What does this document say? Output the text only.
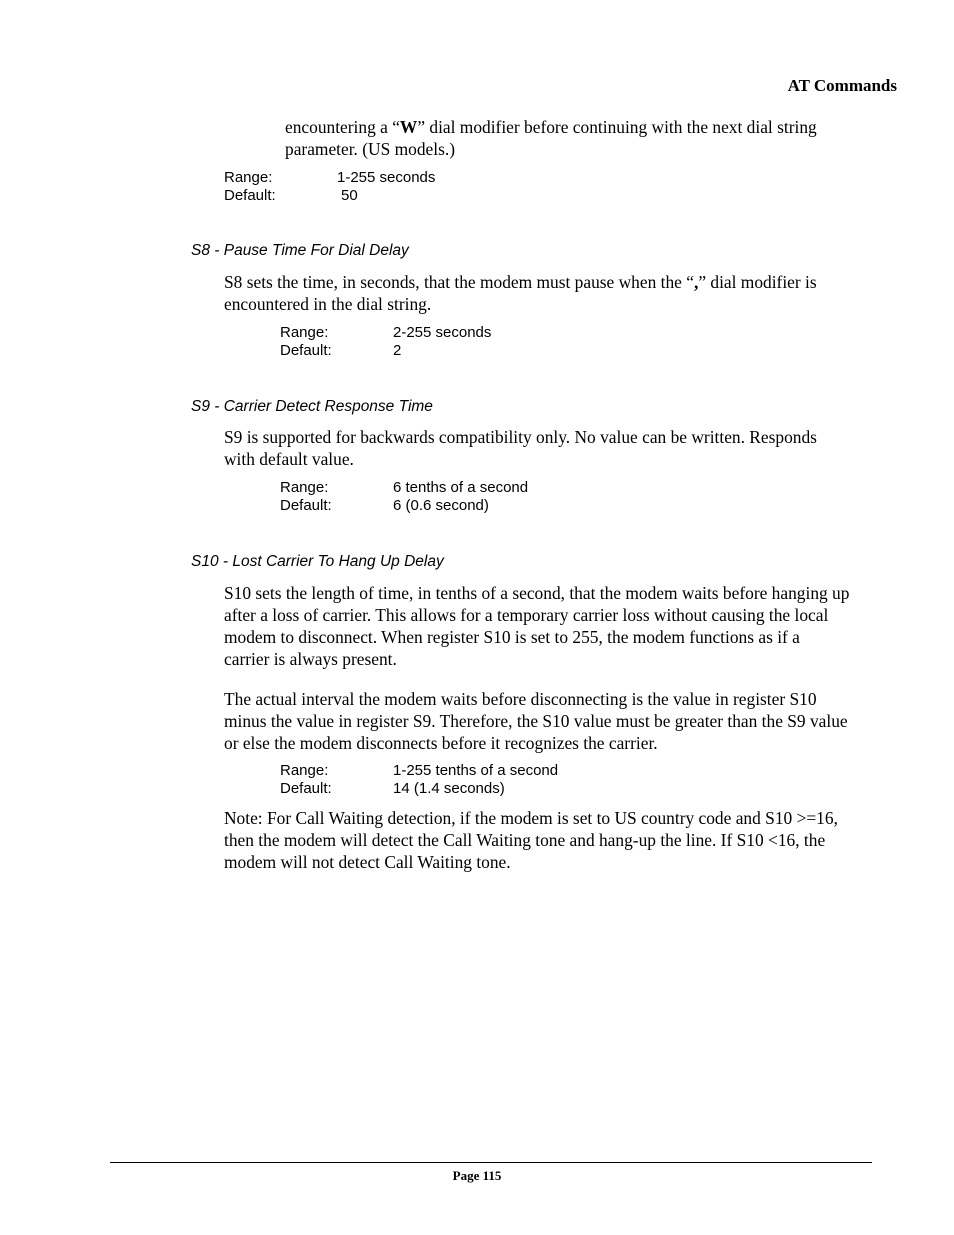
AT Commands
encountering a “W” dial modifier before continuing with the next dial string
parameter. (US models.)
Range:	1-255 seconds
Default:	50
S8 - Pause Time For Dial Delay
S8 sets the time, in seconds, that the modem must pause when the “,” dial modifier is
encountered in the dial string.
Range:	2-255 seconds
Default:	2
S9 - Carrier Detect Response Time
S9 is supported for backwards compatibility only. No value can be written. Responds
with default value.
Range:	6 tenths of a second
Default:	6 (0.6 second)
S10 - Lost Carrier To Hang Up Delay
S10 sets the length of time, in tenths of a second, that the modem waits before hanging up
after a loss of carrier. This allows for a temporary carrier loss without causing the local
modem to disconnect. When register S10 is set to 255, the modem functions as if a
carrier is always present.
The actual interval the modem waits before disconnecting is the value in register S10
minus the value in register S9. Therefore, the S10 value must be greater than the S9 value
or else the modem disconnects before it recognizes the carrier.
Range:	1-255 tenths of a second
Default:	14 (1.4 seconds)
Note: For Call Waiting detection, if the modem is set to US country code and S10 >=16,
then the modem will detect the Call Waiting tone and hang-up the line. If S10 <16, the
modem will not detect Call Waiting tone.
Page 115
